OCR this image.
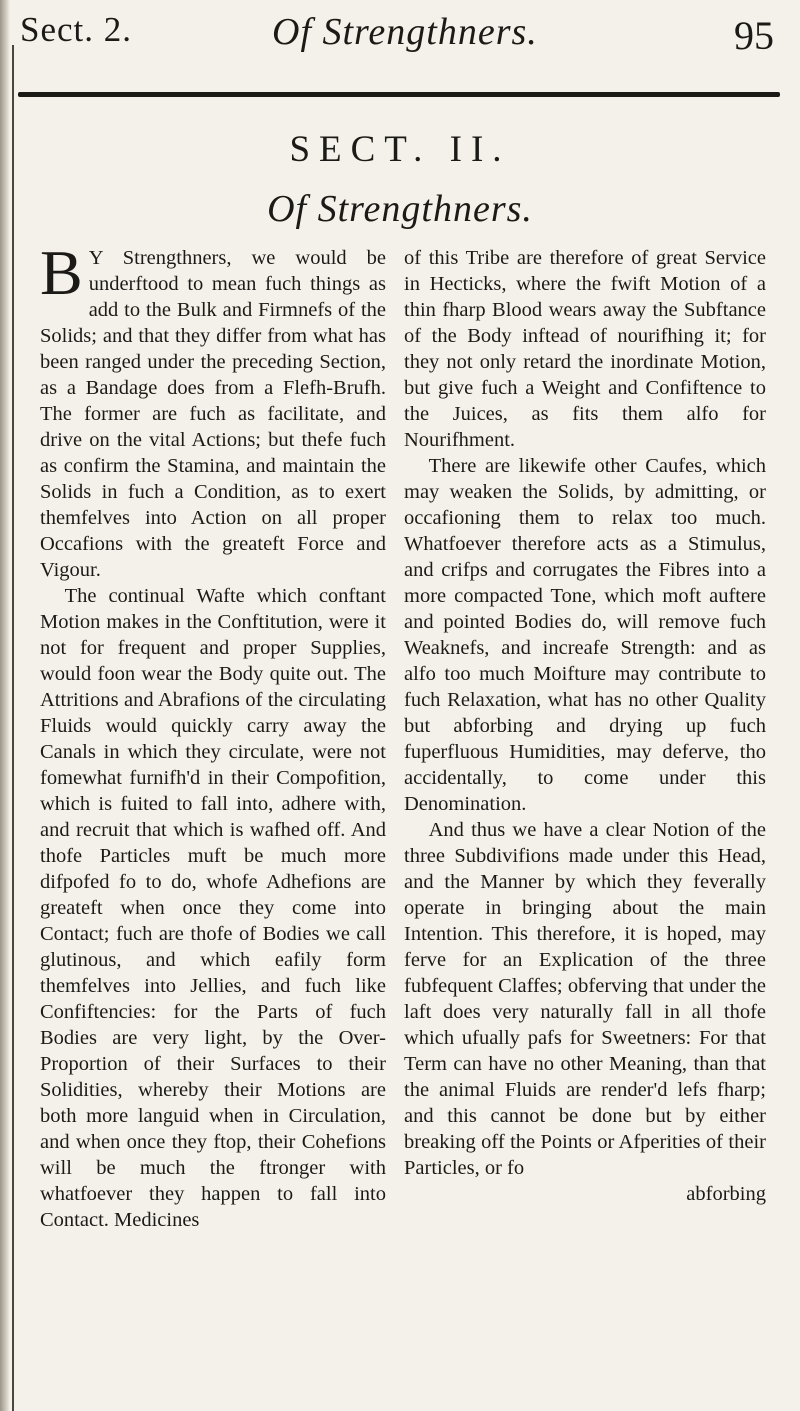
Sect. 2.	Of Strengthners.	95
SECT. II.
Of Strengthners.

B Y Strengthners, we would be underftood to mean fuch things as add to the Bulk and Firmnefs of the Solids; and that they differ from what has been ranged under the preceding Section, as a Bandage does from a Flefh-Brufh. The former are fuch as facilitate, and drive on the vital Actions; but thefe fuch as confirm the Stamina, and maintain the Solids in fuch a Condition, as to exert themfelves into Action on all proper Occafions with the greateft Force and Vigour.

The continual Wafte which conftant Motion makes in the Conftitution, were it not for frequent and proper Supplies, would foon wear the Body quite out. The Attritions and Abrafions of the circulating Fluids would quickly carry away the Canals in which they circulate, were not fomewhat furnifh'd in their Compofition, which is fuited to fall into, adhere with, and recruit that which is wafhed off. And thofe Particles muft be much more difpofed fo to do, whofe Adhefions are greateft when once they come into Contact; fuch are thofe of Bodies we call glutinous, and which eafily form themfelves into Jellies, and fuch like Confiftencies: for the Parts of fuch Bodies are very light, by the Over-Proportion of their Surfaces to their Solidities, whereby their Motions are both more languid when in Circulation, and when once they ftop, their Cohefions will be much the ftronger with whatfoever they happen to fall into Contact. Medicines

of this Tribe are therefore of great Service in Hecticks, where the fwift Motion of a thin fharp Blood wears away the Subftance of the Body inftead of nourifhing it; for they not only retard the inordinate Motion, but give fuch a Weight and Confiftence to the Juices, as fits them alfo for Nourifhment.

There are likewife other Caufes, which may weaken the Solids, by admitting, or occafioning them to relax too much. Whatfoever therefore acts as a Stimulus, and crifps and corrugates the Fibres into a more compacted Tone, which moft auftere and pointed Bodies do, will remove fuch Weaknefs, and increafe Strength: and as alfo too much Moifture may contribute to fuch Relaxation, what has no other Quality but abforbing and drying up fuch fuperfluous Humidities, may deferve, tho accidentally, to come under this Denomination.

And thus we have a clear Notion of the three Subdivifions made under this Head, and the Manner by which they feverally operate in bringing about the main Intention. This therefore, it is hoped, may ferve for an Explication of the three fubfequent Claffes; obferving that under the laft does very naturally fall in all thofe which ufually pafs for Sweetners: For that Term can have no other Meaning, than that the animal Fluids are render'd lefs fharp; and this cannot be done but by either breaking off the Points or Afperities of their Particles, or fo

abforbing
